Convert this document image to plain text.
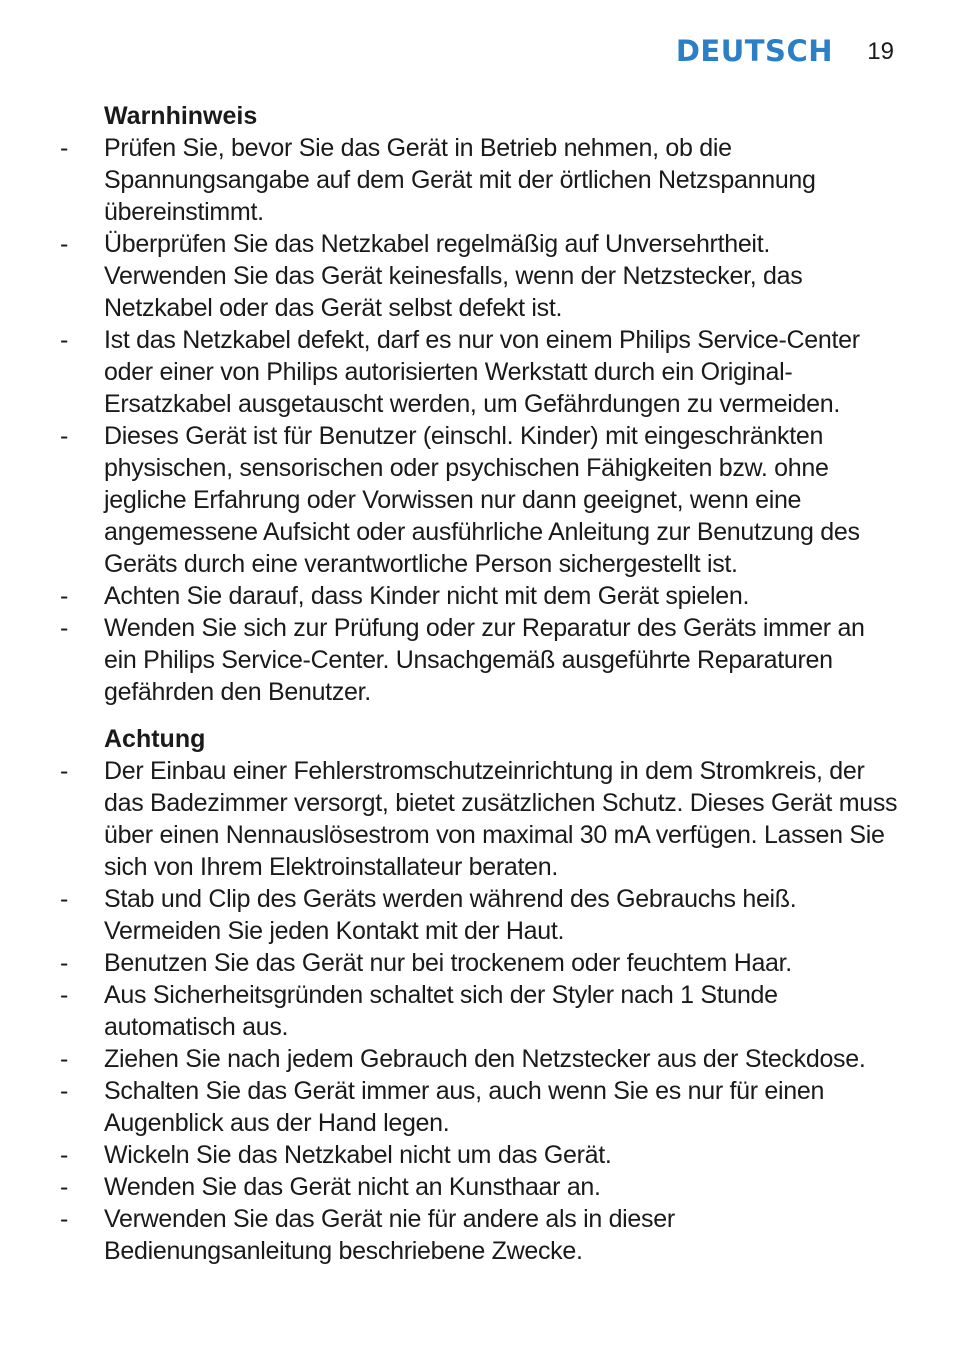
DEUTSCH 19
Warnhinweis
- Prüfen Sie, bevor Sie das Gerät in Betrieb nehmen, ob die Spannungsangabe auf dem Gerät mit der örtlichen Netzspannung übereinstimmt.
- Überprüfen Sie das Netzkabel regelmäßig auf Unversehrtheit. Verwenden Sie das Gerät keinesfalls, wenn der Netzstecker, das Netzkabel oder das Gerät selbst defekt ist.
- Ist das Netzkabel defekt, darf es nur von einem Philips Service-Center oder einer von Philips autorisierten Werkstatt durch ein Original-Ersatzkabel ausgetauscht werden, um Gefährdungen zu vermeiden.
- Dieses Gerät ist für Benutzer (einschl. Kinder) mit eingeschränkten physischen, sensorischen oder psychischen Fähigkeiten bzw. ohne jegliche Erfahrung oder Vorwissen nur dann geeignet, wenn eine angemessene Aufsicht oder ausführliche Anleitung zur Benutzung des Geräts durch eine verantwortliche Person sichergestellt ist.
- Achten Sie darauf, dass Kinder nicht mit dem Gerät spielen.
- Wenden Sie sich zur Prüfung oder zur Reparatur des Geräts immer an ein Philips Service-Center. Unsachgemäß ausgeführte Reparaturen gefährden den Benutzer.
Achtung
- Der Einbau einer Fehlerstromschutzeinrichtung in dem Stromkreis, der das Badezimmer versorgt, bietet zusätzlichen Schutz. Dieses Gerät muss über einen Nennauslösestrom von maximal 30 mA verfügen. Lassen Sie sich von Ihrem Elektroinstallateur beraten.
- Stab und Clip des Geräts werden während des Gebrauchs heiß. Vermeiden Sie jeden Kontakt mit der Haut.
- Benutzen Sie das Gerät nur bei trockenem oder feuchtem Haar.
- Aus Sicherheitsgründen schaltet sich der Styler nach 1 Stunde automatisch aus.
- Ziehen Sie nach jedem Gebrauch den Netzstecker aus der Steckdose.
- Schalten Sie das Gerät immer aus, auch wenn Sie es nur für einen Augenblick aus der Hand legen.
- Wickeln Sie das Netzkabel nicht um das Gerät.
- Wenden Sie das Gerät nicht an Kunsthaar an.
- Verwenden Sie das Gerät nie für andere als in dieser Bedienungsanleitung beschriebene Zwecke.
